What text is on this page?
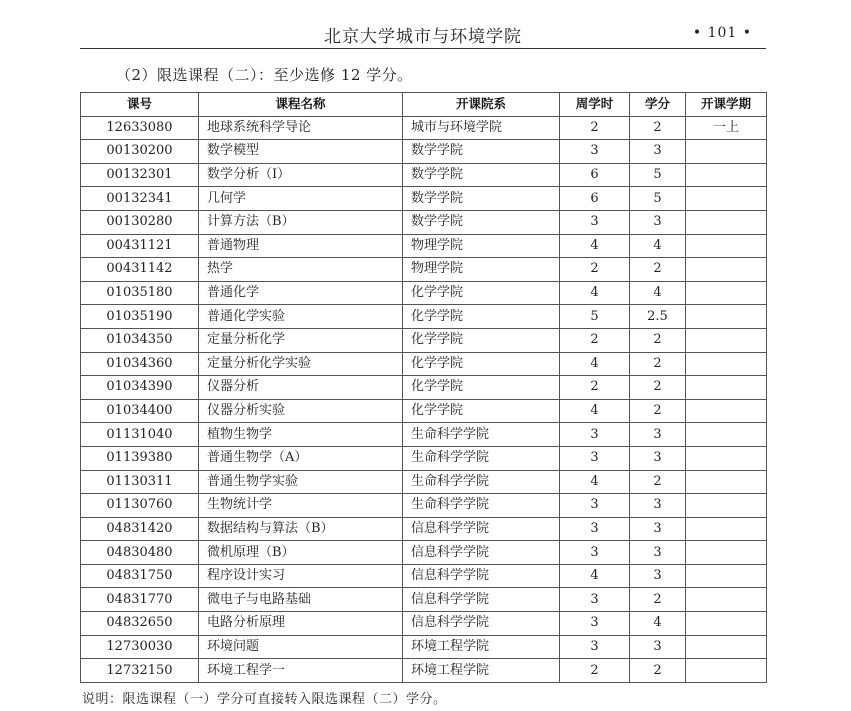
北京大学城市与环境学院	• 101 •
（2）限选课程（二）：至少选修 12 学分。
课号	课程名称	开课院系	周学时	学分	开课学期
12633080	地球系统科学导论	城市与环境学院	2	2	一上
00130200	数学模型	数学学院	3	3	
00132301	数学分析（Ⅰ）	数学学院	6	5	
00132341	几何学	数学学院	6	5	
00130280	计算方法（B）	数学学院	3	3	
00431121	普通物理	物理学院	4	4	
00431142	热学	物理学院	2	2	
01035180	普通化学	化学学院	4	4	
01035190	普通化学实验	化学学院	5	2.5	
01034350	定量分析化学	化学学院	2	2	
01034360	定量分析化学实验	化学学院	4	2	
01034390	仪器分析	化学学院	2	2	
01034400	仪器分析实验	化学学院	4	2	
01131040	植物生物学	生命科学学院	3	3	
01139380	普通生物学（A）	生命科学学院	3	3	
01130311	普通生物学实验	生命科学学院	4	2	
01130760	生物统计学	生命科学学院	3	3	
04831420	数据结构与算法（B）	信息科学学院	3	3	
04830480	微机原理（B）	信息科学学院	3	3	
04831750	程序设计实习	信息科学学院	4	3	
04831770	微电子与电路基础	信息科学学院	3	2	
04832650	电路分析原理	信息科学学院	3	4	
12730030	环境问题	环境工程学院	3	3	
12732150	环境工程学一	环境工程学院	2	2	
说明：限选课程（一）学分可直接转入限选课程（二）学分。
